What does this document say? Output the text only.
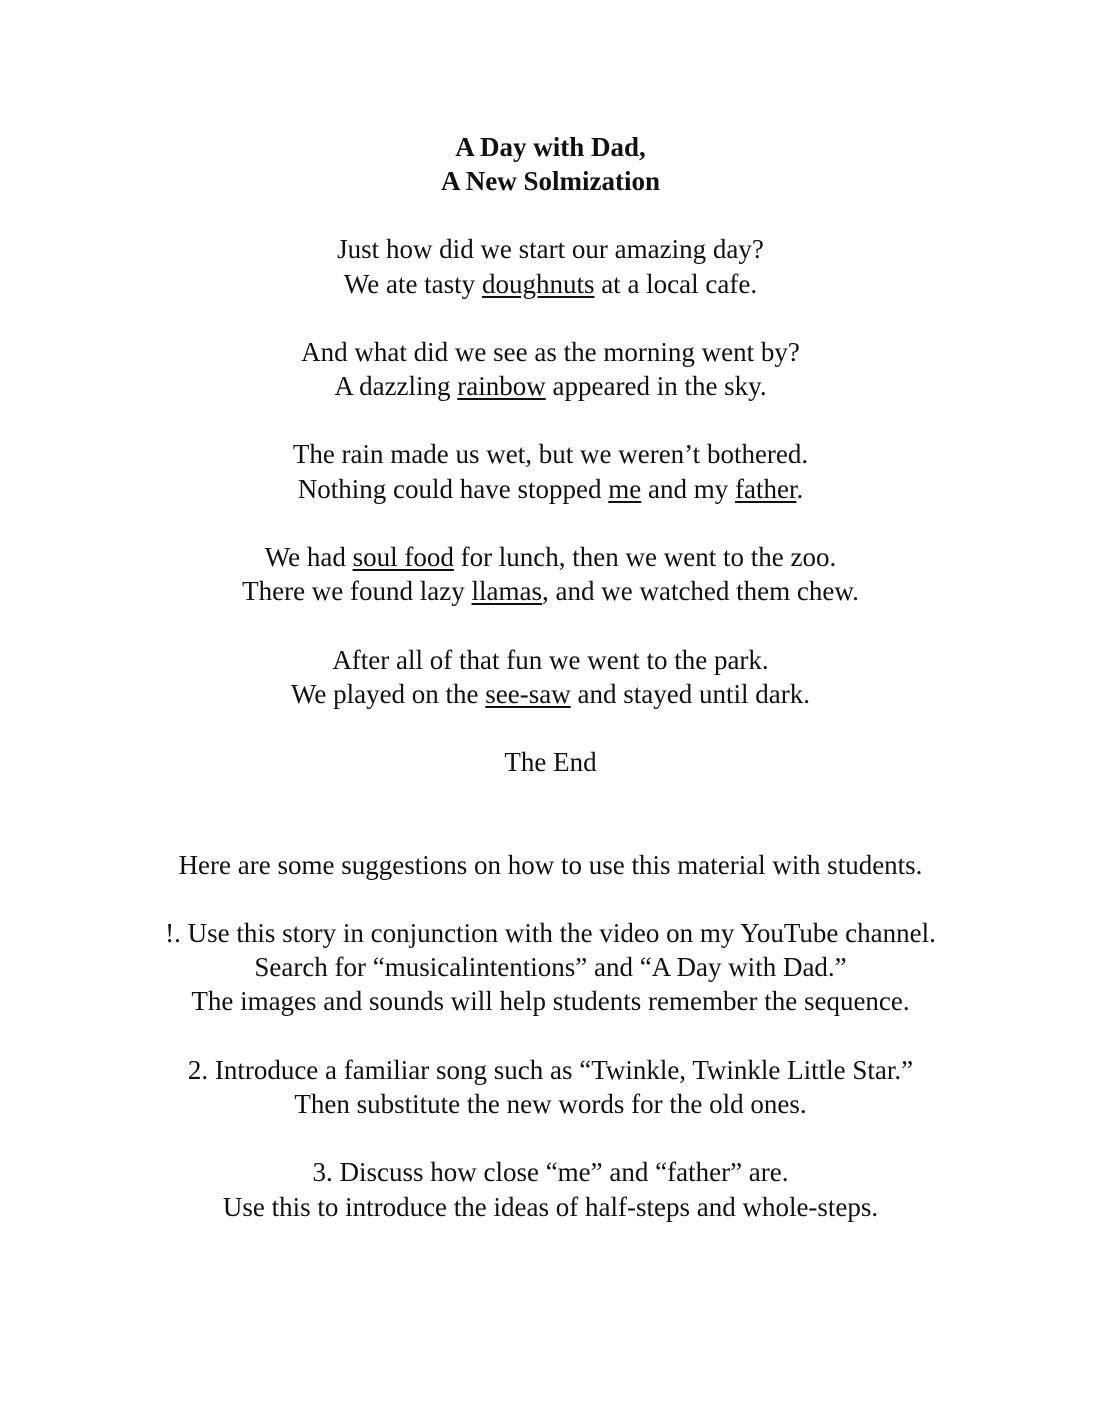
A Day with Dad,
A New Solmization
Just how did we start our amazing day?
We ate tasty doughnuts at a local cafe.
And what did we see as the morning went by?
A dazzling rainbow appeared in the sky.
The rain made us wet, but we weren’t bothered.
Nothing could have stopped me and my father.
We had soul food for lunch, then we went to the zoo.
There we found lazy llamas, and we watched them chew.
After all of that fun we went to the park.
We played on the see-saw and stayed until dark.
The End
Here are some suggestions on how to use this material with students.
!. Use this story in conjunction with the video on my YouTube channel.
Search for “musicalintentions” and “A Day with Dad.”
The images and sounds will help students remember the sequence.
2. Introduce a familiar song such as “Twinkle, Twinkle Little Star.”
Then substitute the new words for the old ones.
3. Discuss how close “me” and “father” are.
Use this to introduce the ideas of half-steps and whole-steps.
